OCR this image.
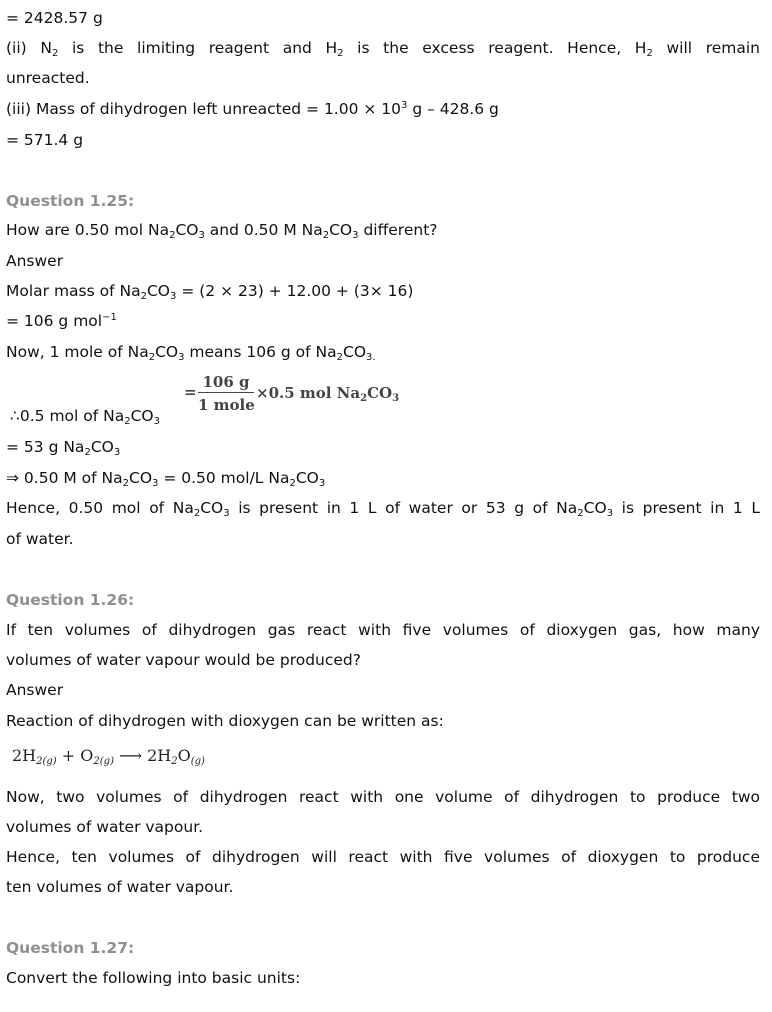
= 2428.57 g
(ii) $N_2$ is the limiting reagent and $H_2$ is the excess reagent. Hence, $H_2$ will remain
unreacted.
(iii) Mass of dihydrogen left unreacted = $1.00 \times 10^3$ g – 428.6 g
= 571.4 g
Question 1.25:
How are 0.50 mol $Na_2CO_3$ and 0.50 M $Na_2CO_3$ different?
Answer
Molar mass of $Na_2CO_3 = (2 \times 23) + 12.00 + (3\times 16)$
= 106 g mol$^{-1}$
Now, 1 mole of $Na_2CO_3$ means 106 g of $Na_2CO_{3.}$
∴0.5 mol of $Na_2CO_3$
=
106 g
1 mole
×0.5 mol $Na_2CO_3$
= 53 g $Na_2CO_3$
⇒ 0.50 M of $Na_2CO_3 = 0.50$ mol/L $Na_2CO_3$
Hence, 0.50 mol of $Na_2CO_3$ is present in 1 L of water or 53 g of $Na_2CO_3$ is present in 1 L
of water.
Question 1.26:
If ten volumes of dihydrogen gas react with five volumes of dioxygen gas, how many
volumes of water vapour would be produced?
Answer
Reaction of dihydrogen with dioxygen can be written as:
$2H_{2(g)} + O_{2(g)}$ ⟶ $2H_2O_{(g)}$
Now, two volumes of dihydrogen react with one volume of dihydrogen to produce two
volumes of water vapour.
Hence, ten volumes of dihydrogen will react with five volumes of dioxygen to produce
ten volumes of water vapour.
Question 1.27:
Convert the following into basic units:
